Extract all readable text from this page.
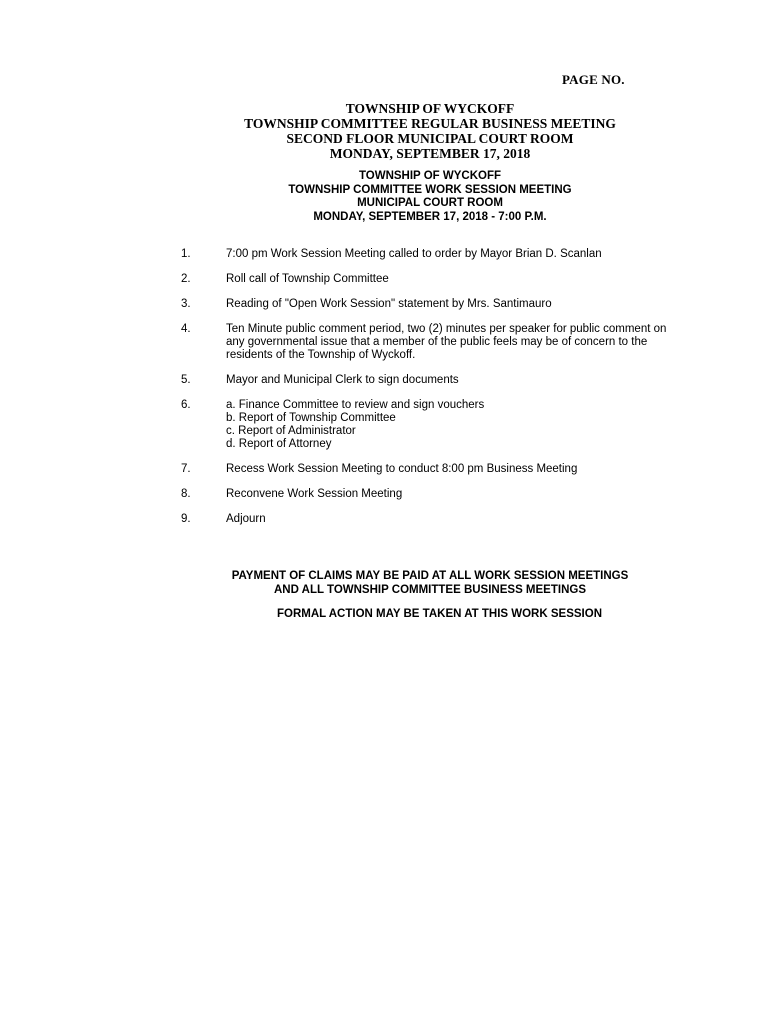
PAGE NO.
TOWNSHIP OF WYCKOFF
TOWNSHIP COMMITTEE REGULAR BUSINESS MEETING
SECOND FLOOR MUNICIPAL COURT ROOM
MONDAY, SEPTEMBER 17, 2018
TOWNSHIP OF WYCKOFF
TOWNSHIP COMMITTEE WORK SESSION MEETING
MUNICIPAL COURT ROOM
MONDAY, SEPTEMBER 17, 2018 - 7:00 P.M.
1.	7:00 pm Work Session Meeting called to order by Mayor Brian D. Scanlan
2.	Roll call of Township Committee
3.	Reading of "Open Work Session" statement by Mrs. Santimauro
4.	Ten Minute public comment period, two (2) minutes per speaker for public comment on any governmental issue that a member of the public feels may be of concern to the residents of the Township of Wyckoff.
5.	Mayor and Municipal Clerk to sign documents
6.	a. Finance Committee to review and sign vouchers
b. Report of Township Committee
c. Report of Administrator
d. Report of Attorney
7.	Recess Work Session Meeting to conduct 8:00 pm Business Meeting
8.	Reconvene Work Session Meeting
9.	Adjourn
PAYMENT OF CLAIMS MAY BE PAID AT ALL WORK SESSION MEETINGS
AND ALL TOWNSHIP COMMITTEE BUSINESS MEETINGS
FORMAL ACTION MAY BE TAKEN AT THIS WORK SESSION
